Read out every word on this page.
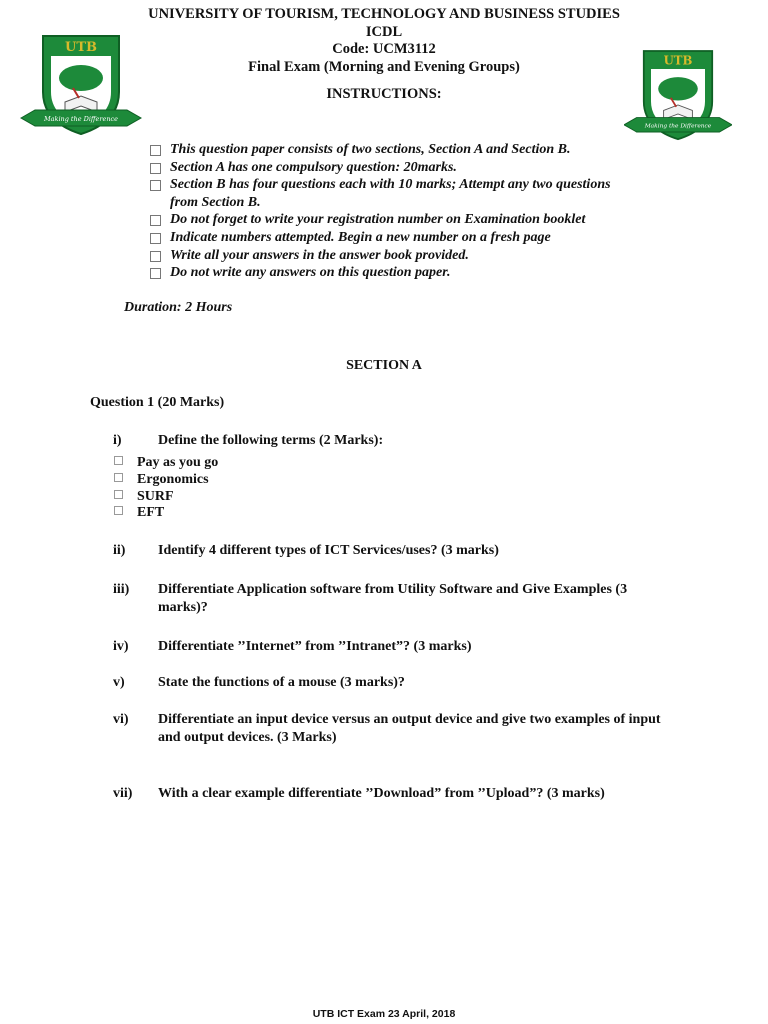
UNIVERSITY OF TOURISM, TECHNOLOGY AND BUSINESS STUDIES
ICDL
Code: UCM3112
Final Exam (Morning and Evening Groups)
INSTRUCTIONS:
UTB
Making the Difference
UTB
Making the Difference
This question paper consists of two sections, Section A and Section B.
Section A has one compulsory question: 20marks.
Section B has four questions each with 10 marks; Attempt any two questions
from Section B.
Do not forget to write your registration number on Examination booklet
Indicate numbers attempted. Begin a new number on a fresh page
Write all your answers in the answer book provided.
Do not write any answers on this question paper.
Duration: 2 Hours
SECTION A
Question 1 (20 Marks)
i)	Define the following terms (2 Marks):
Pay as you go
Ergonomics
SURF
EFT
ii)	Identify 4 different types of ICT Services/uses? (3 marks)
iii)	Differentiate Application software from Utility Software and Give Examples (3 marks)?
iv)	Differentiate ’’Internet” from ’’Intranet”? (3 marks)
v)	State the functions of a mouse (3 marks)?
vi)	Differentiate an input device versus an output device and give two examples of input and output devices. (3 Marks)
vii)	With a clear example differentiate ’’Download” from ’’Upload”? (3 marks)
UTB ICT Exam 23 April, 2018
